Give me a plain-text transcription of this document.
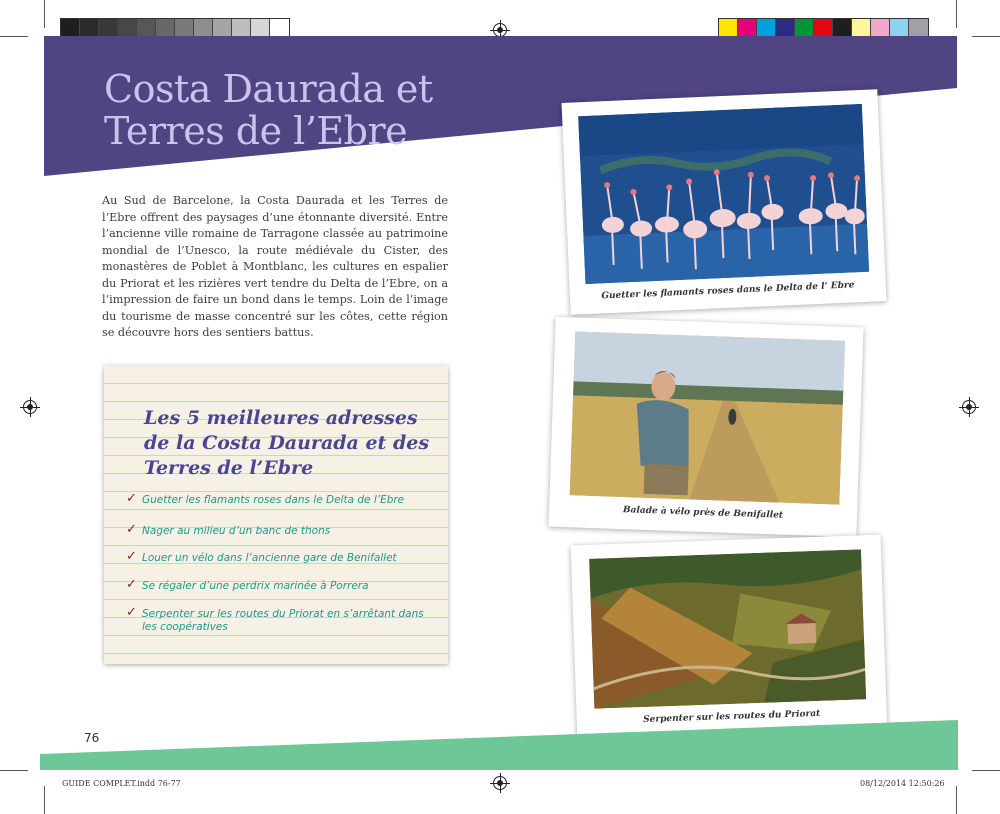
Costa Daurada et Terres de l’Ebre

Au Sud de Barcelone, la Costa Daurada et les Terres de l’Ebre offrent des paysages d’une étonnante diversité. Entre l’ancienne ville romaine de Tarragone classée au patrimoine mondial de l’Unesco, la route médiévale du Cister, des monastères de Poblet à Montblanc, les cultures en espalier du Priorat et les rizières vert tendre du Delta de l’Ebre, on a l’impression de faire un bond dans le temps. Loin de l’image du tourisme de masse concentré sur les côtes, cette région se découvre hors des sentiers battus.

Les 5 meilleures adresses de la Costa Daurada et des Terres de l’Ebre
✓ Guetter les flamants roses dans le Delta de l’Ebre
✓ Nager au milieu d’un banc de thons
✓ Louer un vélo dans l’ancienne gare de Benifallet
✓ Se régaler d’une perdrix marinée à Porrera
✓ Serpenter sur les routes du Priorat en s’arrêtant dans les coopératives
Guetter les flamants roses dans le Delta de l’ Ebre
Balade à vélo près de Benifallet
Serpenter sur les routes du Priorat
76
GUIDE COMPLET.indd 76-77	08/12/2014 12:50:26
